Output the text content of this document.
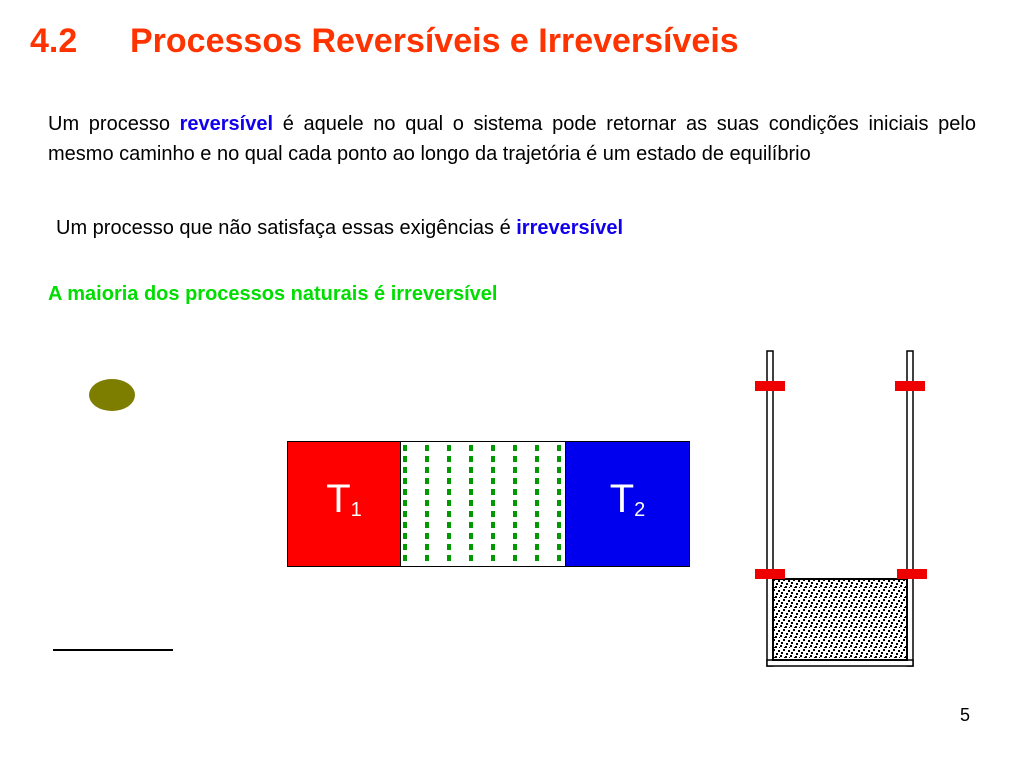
4.2 Processos Reversíveis e Irreversíveis
Um processo reversível é aquele no qual o sistema pode retornar as suas condições iniciais pelo mesmo caminho e no qual cada ponto ao longo da trajetória é um estado de equilíbrio
Um processo que não satisfaça essas exigências é irreversível
A maioria dos processos naturais é irreversível
$T_1$	$T_2$
5
